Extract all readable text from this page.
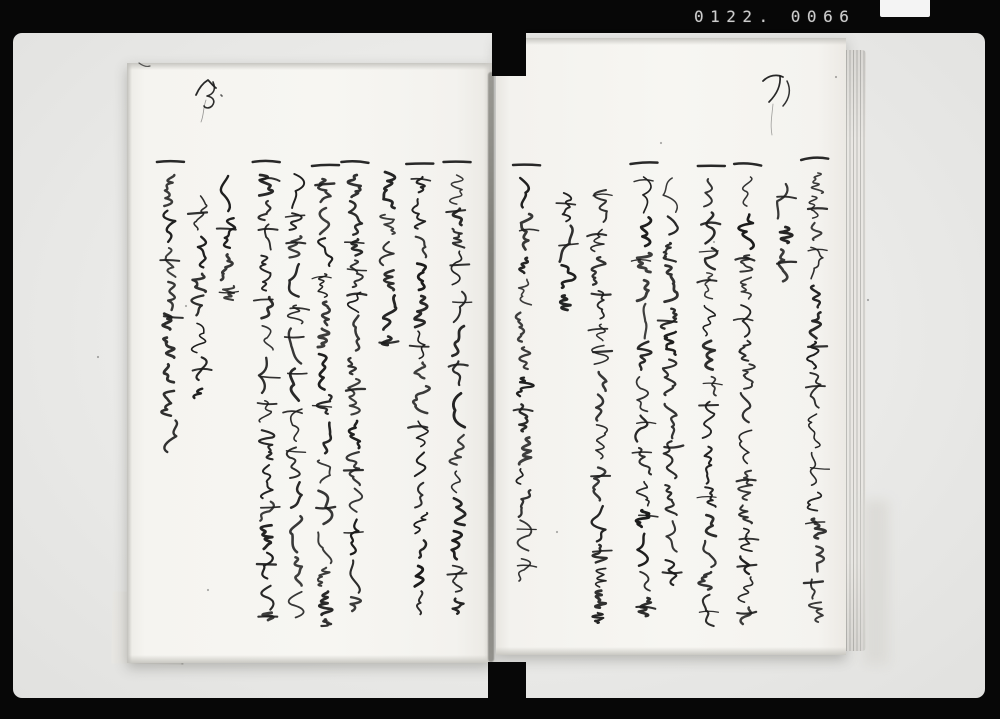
0122. 0066
